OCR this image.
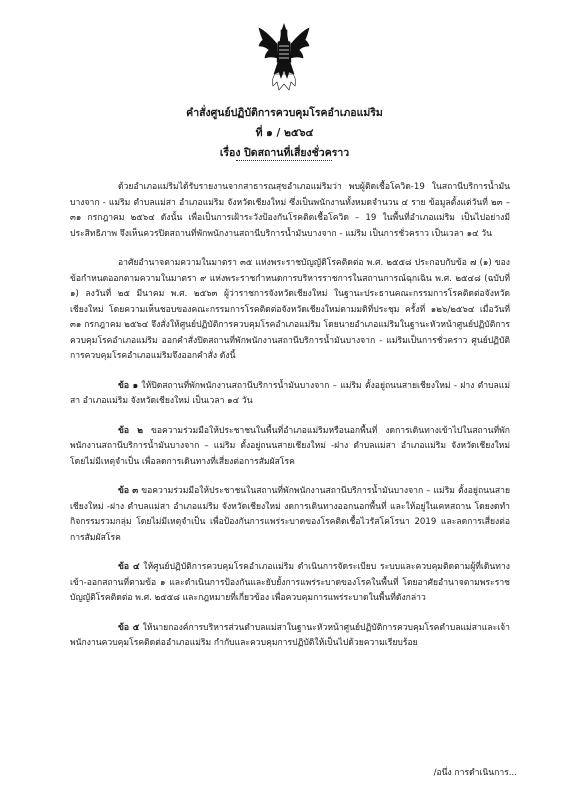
คำสั่งศูนย์ปฏิบัติการควบคุมโรคอำเภอแม่ริม
ที่ ๑ / ๒๕๖๔
เรื่อง ปิดสถานที่เสี่ยงชั่วคราว

ด้วยอำเภอแม่ริมได้รับรายงานจากสาธารณสุขอำเภอแม่ริมว่า พบผู้ติดเชื้อโควิด-19 ในสถานีบริการน้ำมันบางจาก - แม่ริม ตำบลแม่สา อำเภอแม่ริม จังหวัดเชียงใหม่ ซึ่งเป็นพนักงานทั้งหมดจำนวน ๔ ราย ข้อมูลตั้งแต่วันที่ ๒๓ – ๓๑ กรกฎาคม ๒๕๖๔ ดังนั้น เพื่อเป็นการเฝ้าระวังป้องกันโรคติดเชื้อโควิด – 19 ในพื้นที่อำเภอแม่ริม เป็นไปอย่างมีประสิทธิภาพ จึงเห็นควรปิดสถานที่พักพนักงานสถานีบริการน้ำมันบางจาก - แม่ริม เป็นการชั่วคราว เป็นเวลา ๑๔ วัน

อาศัยอำนาจตามความในมาตรา ๓๕ แห่งพระราชบัญญัติโรคติดต่อ พ.ศ. ๒๕๕๘ ประกอบกับข้อ ๗ (๑) ของข้อกำหนดออกตามความในมาตรา ๙ แห่งพระราชกำหนดการบริหารราชการในสถานการณ์ฉุกเฉิน พ.ศ. ๒๕๔๘ (ฉบับที่ ๑) ลงวันที่ ๒๕ มีนาคม พ.ศ. ๒๕๖๓ ผู้ว่าราชการจังหวัดเชียงใหม่ ในฐานะประธานคณะกรรมการโรคติดต่อจังหวัดเชียงใหม่ โดยความเห็นชอบของคณะกรรมการโรคติดต่อจังหวัดเชียงใหม่ตามมติที่ประชุม ครั้งที่ ๑๒๖/๒๕๖๔ เมื่อวันที่ ๓๑ กรกฎาคม ๒๕๖๔ จึงสั่งให้ศูนย์ปฏิบัติการควบคุมโรคอำเภอแม่ริม โดยนายอำเภอแม่ริมในฐานะหัวหน้าศูนย์ปฏิบัติการควบคุมโรคอำเภอแม่ริม ออกคำสั่งปิดสถานที่พักพนักงานสถานีบริการน้ำมันบางจาก - แม่ริมเป็นการชั่วคราว ศูนย์ปฏิบัติการควบคุมโรคอำเภอแม่ริมจึงออกคำสั่ง ดังนี้

ข้อ ๑ ให้ปิดสถานที่พักพนักงานสถานีบริการน้ำมันบางจาก – แม่ริม ตั้งอยู่ถนนสายเชียงใหม่ - ฝาง ตำบลแม่สา อำเภอแม่ริม จังหวัดเชียงใหม่ เป็นเวลา ๑๔ วัน

ข้อ ๒ ขอความร่วมมือให้ประชาชนในพื้นที่อำเภอแม่ริมหรือนอกพื้นที่ งดการเดินทางเข้าไปในสถานที่พักพนักงานสถานีบริการน้ำมันบางจาก – แม่ริม ตั้งอยู่ถนนสายเชียงใหม่ -ฝาง ตำบลแม่สา อำเภอแม่ริม จังหวัดเชียงใหม่ โดยไม่มีเหตุจำเป็น เพื่อลดการเดินทางที่เสี่ยงต่อการสัมผัสโรค

ข้อ ๓ ขอความร่วมมือให้ประชาชนในสถานที่พักพนักงานสถานีบริการน้ำมันบางจาก – แม่ริม ตั้งอยู่ถนนสายเชียงใหม่ -ฝาง ตำบลแม่สา อำเภอแม่ริม จังหวัดเชียงใหม่ งดการเดินทางออกนอกพื้นที่ และให้อยู่ในเคหสถาน โดยงดทำกิจกรรมรวมกลุ่ม โดยไม่มีเหตุจำเป็น เพื่อป้องกันการแพร่ระบาดของโรคติดเชื้อไวรัสโคโรนา 2019 และลดการเสี่ยงต่อการสัมผัสโรค

ข้อ ๔ ให้ศูนย์ปฏิบัติการควบคุมโรคอำเภอแม่ริม ดำเนินการจัดระเบียบ ระบบและควบคุมติดตามผู้ที่เดินทางเข้า-ออกสถานที่ตามข้อ ๑ และดำเนินการป้องกันและยับยั้งการแพร่ระบาดของโรคในพื้นที่ โดยอาศัยอำนาจตามพระราชบัญญัติโรคติดต่อ พ.ศ. ๒๕๕๘ และกฎหมายที่เกี่ยวข้อง เพื่อควบคุมการแพร่ระบาดในพื้นที่ดังกล่าว

ข้อ ๕ ให้นายกองค์การบริหารส่วนตำบลแม่สาในฐานะหัวหน้าศูนย์ปฏิบัติการควบคุมโรคตำบลแม่สาและเจ้าพนักงานควบคุมโรคติดต่ออำเภอแม่ริม กำกับและควบคุมการปฏิบัติให้เป็นไปด้วยความเรียบร้อย

/อนึ่ง การดำเนินการ...
